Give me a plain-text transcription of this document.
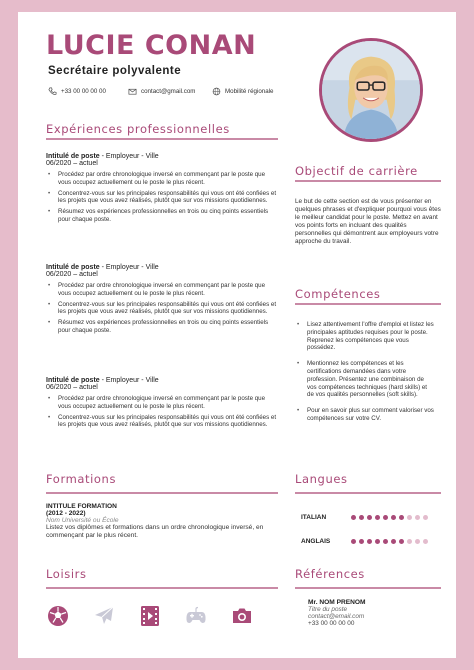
LUCIE CONAN
Secrétaire polyvalente
+33 00 00 00 00	contact@gmail.com	Mobilité régionale
Expériences professionnelles
Intitulé de poste - Employeur - Ville
06/2020 – actuel
• Procédez par ordre chronologique inversé en commençant par le poste que vous occupez actuellement ou le poste le plus récent.
• Concentrez-vous sur les principales responsabilités qui vous ont été confiées et les projets que vous avez réalisés, plutôt que sur vos missions quotidiennes.
• Résumez vos expériences professionnelles en trois ou cinq points essentiels pour chaque poste.
Intitulé de poste - Employeur - Ville
06/2020 – actuel
• Procédez par ordre chronologique inversé en commençant par le poste que vous occupez actuellement ou le poste le plus récent.
• Concentrez-vous sur les principales responsabilités qui vous ont été confiées et les projets que vous avez réalisés, plutôt que sur vos missions quotidiennes.
• Résumez vos expériences professionnelles en trois ou cinq points essentiels pour chaque poste.
Intitulé de poste - Employeur - Ville
06/2020 – actuel
• Procédez par ordre chronologique inversé en commençant par le poste que vous occupez actuellement ou le poste le plus récent.
• Concentrez-vous sur les principales responsabilités qui vous ont été confiées et les projets que vous avez réalisés, plutôt que sur vos missions quotidiennes.
Objectif de carrière
Le but de cette section est de vous présenter en quelques phrases et d'expliquer pourquoi vous êtes le meilleur candidat pour le poste. Mettez en avant vos points forts en incluant des qualités personnelles qui démontrent aux employeurs votre approche du travail.
Compétences
• Lisez attentivement l'offre d'emploi et listez les principales aptitudes requises pour le poste. Reprenez les compétences que vous possédez.
• Mentionnez les compétences et les certifications demandées dans votre profession. Présentez une combinaison de vos compétences techniques (hard skills) et de vos qualités personnelles (soft skills).
• Pour en savoir plus sur comment valoriser vos compétences sur votre CV.
Formations
INTITULE FORMATION
(2012 - 2022)
Nom Université ou École
Listez vos diplômes et formations dans un ordre chronologique inversé, en commençant par le plus récent.
Langues
ITALIAN
ANGLAIS
Loisirs	Références
Mr. NOM PRENOM
Titre du poste
contact@email.com
+33 00 00 00 00
